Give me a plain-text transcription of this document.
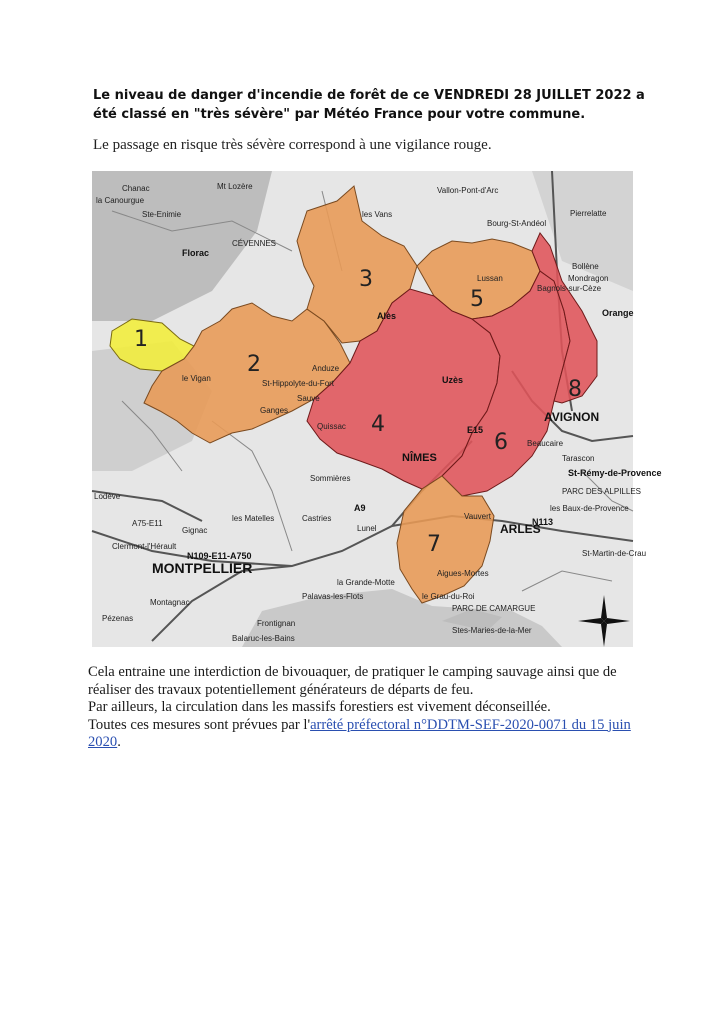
Le niveau de danger d'incendie de forêt de ce VENDREDI 28 JUILLET 2022 a été classé en "très sévère" par Météo France pour votre commune.
Le passage en risque très sévère correspond à une vigilance rouge.
1
2
3
4
5
6
7
8
Chanac
la Canourgue
Mt Lozère
Ste-Enimie
Florac
CÉVENNES
les Vans
Vallon-Pont-d'Arc
Bourg-St-Andéol
Pierrelatte
Bollène
Mondragon
Orange
Alès
Uzès
Bagnols-sur-Cèze
Lussan
le Vigan
Anduze
St-Hippolyte-du-Fort
Ganges
Quissac
NÎMES
AVIGNON
Beaucaire
Tarascon
St-Rémy-de-Provence
PARC DES ALPILLES
les Baux-de-Provence
ARLES
MONTPELLIER
Lunel
Sommières
Vauvert
Aigues-Mortes
la Grande-Motte
le Grau-du-Roi
Palavas-les-Flots
Frontignan
Balaruc-les-Bains
Stes-Maries-de-la-Mer
PARC DE CAMARGUE
Lodève
Gignac
Clermont-l'Hérault
Pézenas
Montagnac
St-Martin-de-Crau
les Matelles	Castries
Sauve
A75-E11
A9
N113
N109-E11-A750
E15

Cela entraine une interdiction de bivouaquer, de pratiquer le camping sauvage ainsi que de réaliser des travaux potentiellement générateurs de départs de feu.

Par ailleurs, la circulation dans les massifs forestiers est vivement déconseillée.

Toutes ces mesures sont prévues par l'arrêté préfectoral n°DDTM-SEF-2020-0071 du 15 juin 2020.
